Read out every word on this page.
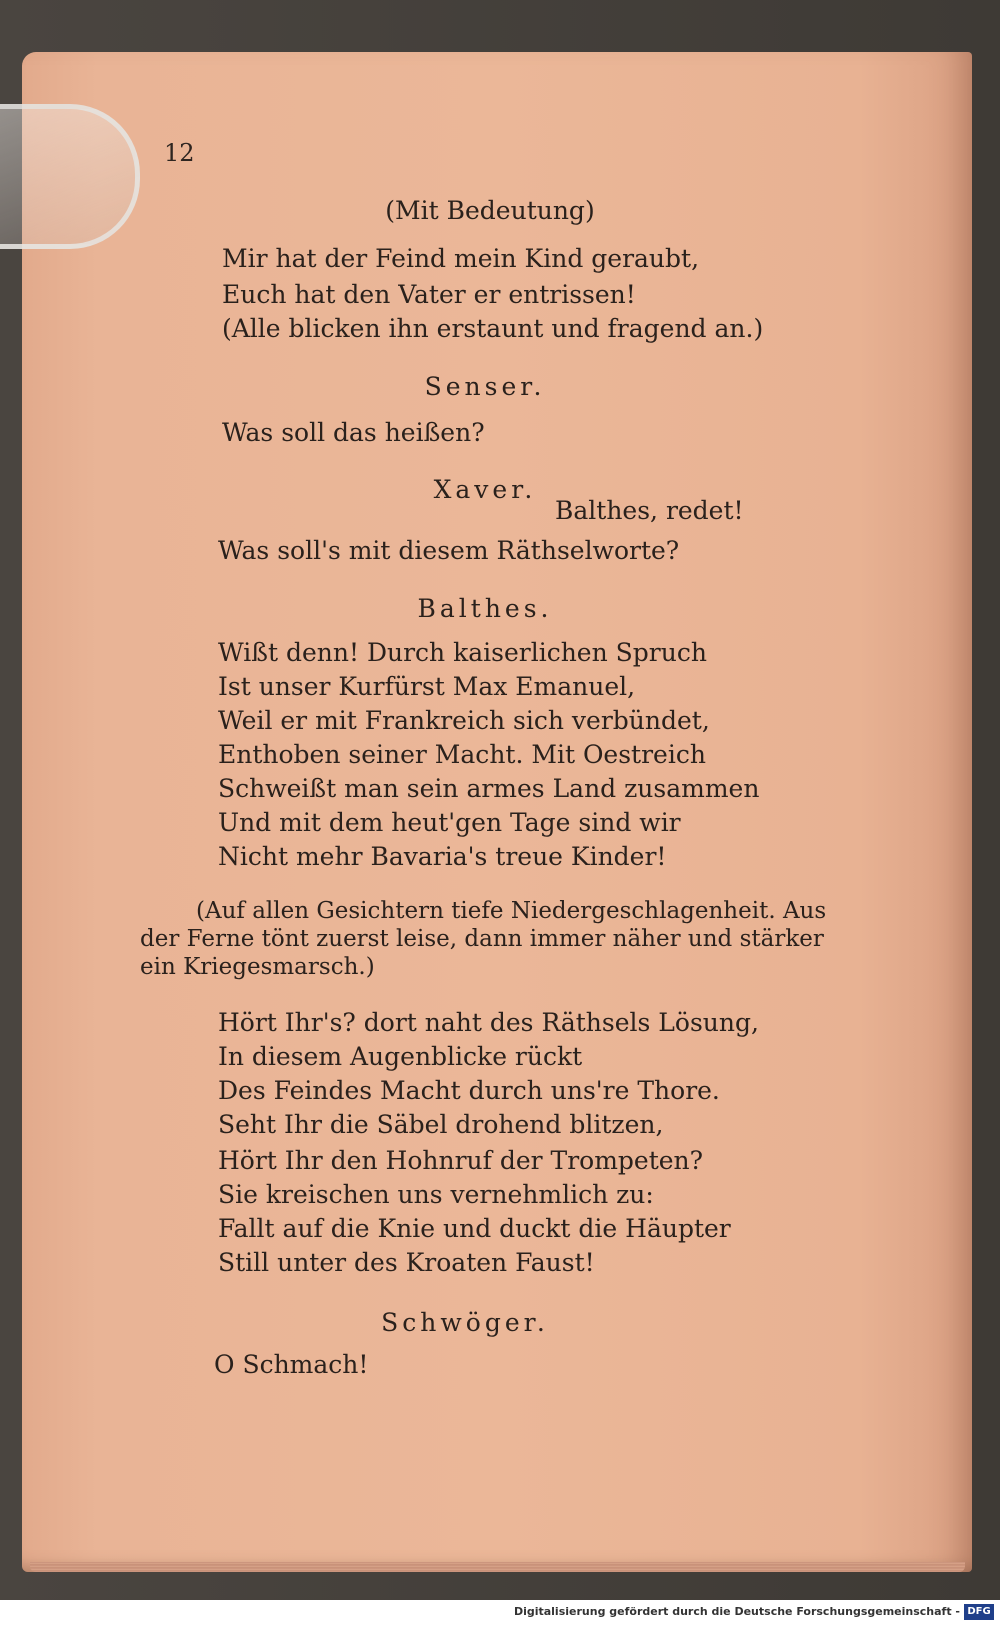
12
(Mit Bedeutung)
Mir hat der Feind mein Kind geraubt,
Euch hat den Vater er entrissen!
(Alle blicken ihn erstaunt und fragend an.)
Senser.
Was soll das heißen?
Xaver.
Balthes, redet!
Was soll's mit diesem Räthselworte?
Balthes.
Wißt denn! Durch kaiserlichen Spruch
Ist unser Kurfürst Max Emanuel,
Weil er mit Frankreich sich verbündet,
Enthoben seiner Macht. Mit Oestreich
Schweißt man sein armes Land zusammen
Und mit dem heut'gen Tage sind wir
Nicht mehr Bavaria's treue Kinder!
(Auf allen Gesichtern tiefe Niedergeschlagenheit. Aus
der Ferne tönt zuerst leise, dann immer näher und stärker
ein Kriegesmarsch.)
Hört Ihr's? dort naht des Räthsels Lösung,
In diesem Augenblicke rückt
Des Feindes Macht durch uns're Thore.
Seht Ihr die Säbel drohend blitzen,
Hört Ihr den Hohnruf der Trompeten?
Sie kreischen uns vernehmlich zu:
Fallt auf die Knie und duckt die Häupter
Still unter des Kroaten Faust!
Schwöger.
O Schmach!
Digitalisierung gefördert durch die Deutsche Forschungsgemeinschaft - DFG
